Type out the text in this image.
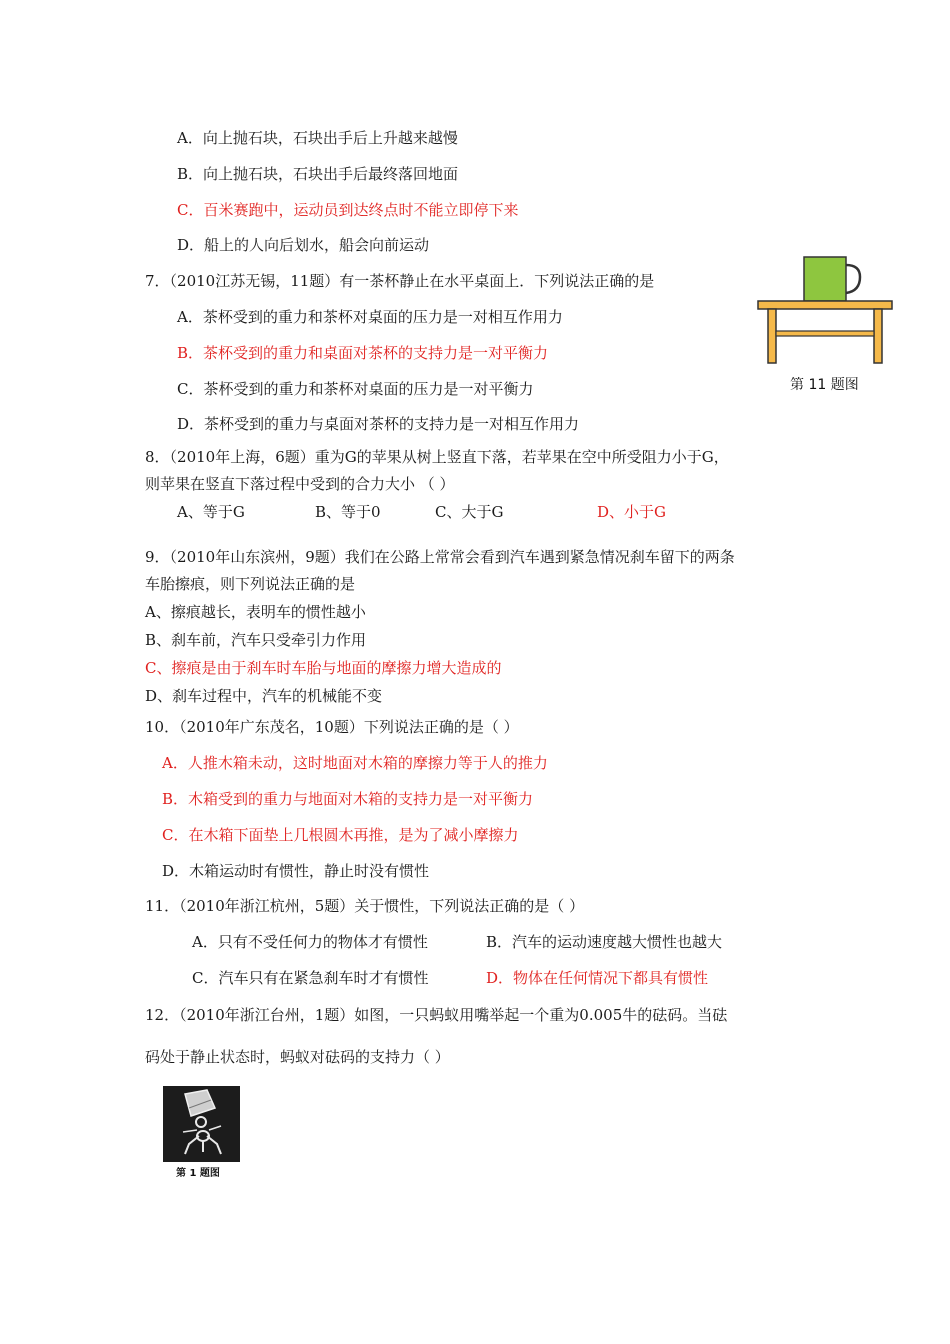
A．向上抛石块，石块出手后上升越来越慢
B．向上抛石块，石块出手后最终落回地面
C．百米赛跑中，运动员到达终点时不能立即停下来
D．船上的人向后划水，船会向前运动
7．（2010江苏无锡，11题）有一茶杯静止在水平桌面上．下列说法正确的是
A．茶杯受到的重力和茶杯对桌面的压力是一对相互作用力
B．茶杯受到的重力和桌面对茶杯的支持力是一对平衡力
C．茶杯受到的重力和茶杯对桌面的压力是一对平衡力
D．茶杯受到的重力与桌面对茶杯的支持力是一对相互作用力
第 11 题图
8．（2010年上海，6题）重为G的苹果从树上竖直下落，若苹果在空中所受阻力小于G，
则苹果在竖直下落过程中受到的合力大小 （ ）
A、等于G	B、等于0	C、大于G	D、小于G
9．（2010年山东滨州，9题）我们在公路上常常会看到汽车遇到紧急情况刹车留下的两条
车胎擦痕，则下列说法正确的是
A、擦痕越长，表明车的惯性越小
B、刹车前，汽车只受牵引力作用
C、擦痕是由于刹车时车胎与地面的摩擦力增大造成的
D、刹车过程中，汽车的机械能不变
10．（2010年广东茂名，10题）下列说法正确的是（ ）
A．人推木箱未动，这时地面对木箱的摩擦力等于人的推力
B．木箱受到的重力与地面对木箱的支持力是一对平衡力
C．在木箱下面垫上几根圆木再推，是为了减小摩擦力
D．木箱运动时有惯性，静止时没有惯性
11．（2010年浙江杭州，5题）关于惯性，下列说法正确的是（ ）
A．只有不受任何力的物体才有惯性	B．汽车的运动速度越大惯性也越大
C．汽车只有在紧急刹车时才有惯性	D．物体在任何情况下都具有惯性
12．（2010年浙江台州，1题）如图，一只蚂蚁用嘴举起一个重为0.005牛的砝码。当砝
码处于静止状态时，蚂蚁对砝码的支持力（ ）
第 1 题图
